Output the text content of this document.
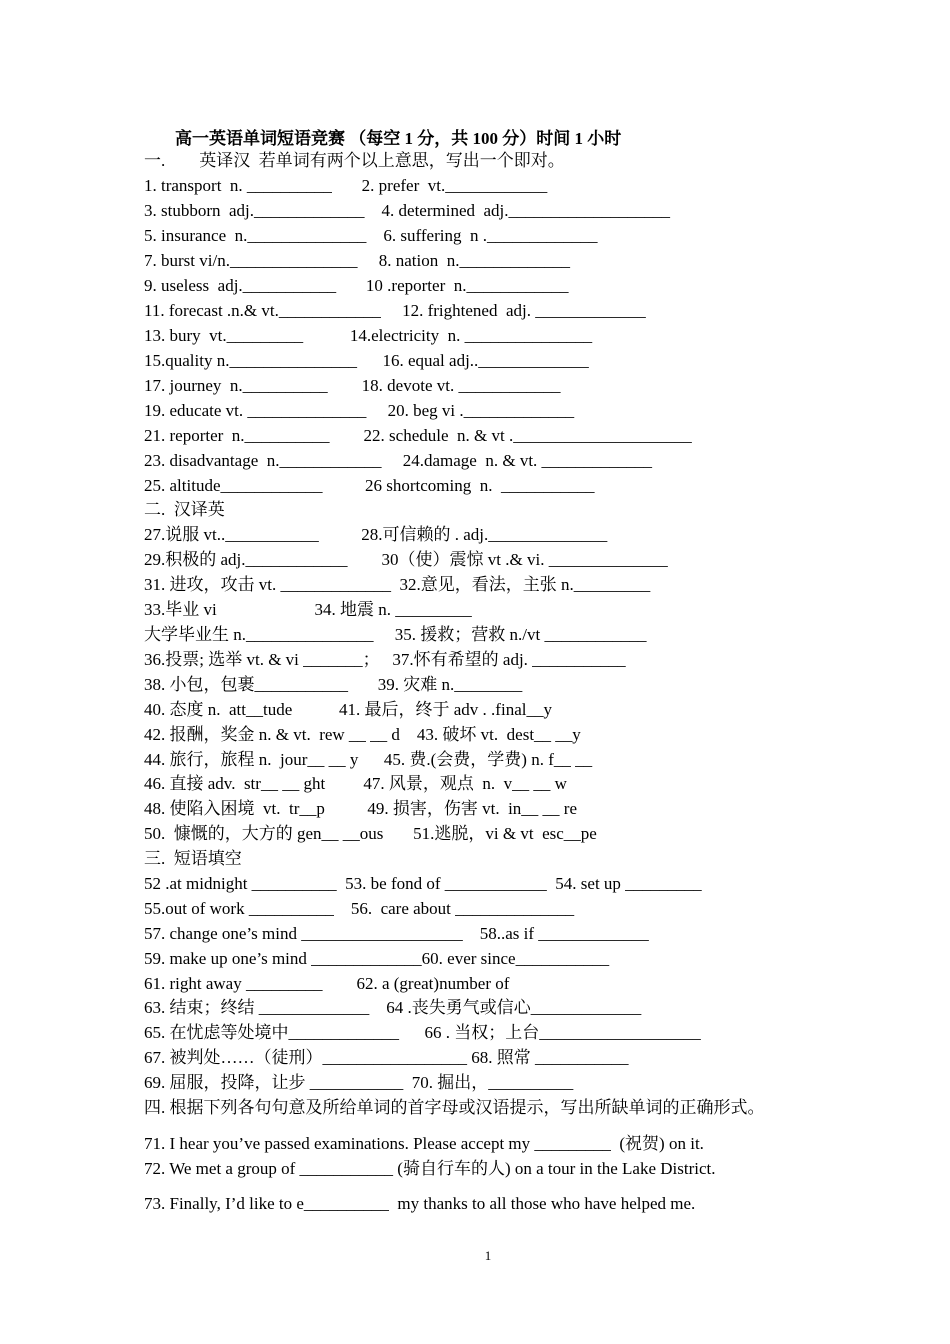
高一英语单词短语竞赛 （每空 1 分，共 100 分）时间 1 小时
一.        英译汉  若单词有两个以上意思，写出一个即对。
1. transport  n. __________       2. prefer  vt.____________
3. stubborn  adj._____________    4. determined  adj.___________________
5. insurance  n.______________    6. suffering  n ._____________
7. burst vi/n._______________     8. nation  n._____________
9. useless  adj.___________       10 .reporter  n.____________
11. forecast .n.& vt.____________     12. frightened  adj. _____________
13. bury  vt._________           14.electricity  n. _______________
15.quality n._______________      16. equal adj.._____________
17. journey  n.__________        18. devote vt. ____________
19. educate vt. ______________     20. beg vi ._____________
21. reporter  n.__________        22. schedule  n. & vt ._____________________
23. disadvantage  n.____________     24.damage  n. & vt. _____________
25. altitude____________          26 shortcoming  n.  ___________
二.  汉译英
27.说服 vt..___________          28.可信赖的 . adj.______________
29.积极的 adj.____________        30（使）震惊 vt .& vi. ______________
31. 进攻，攻击 vt. _____________  32.意见，看法，主张 n._________
33.毕业 vi                       34. 地震 n. _________
大学毕业生 n._______________     35. 援救；营救 n./vt ____________
36.投票; 选举 vt. & vi _______；   37.怀有希望的 adj. ___________
38. 小包，包裹___________       39. 灾难 n.________
40. 态度 n.  att__tude           41. 最后，终于 adv . .final__y
42. 报酬，奖金 n. & vt.  rew __ __ d    43. 破坏 vt.  dest__ __y
44. 旅行，旅程 n.  jour__ __ y      45. 费.(会费，学费) n. f__ __
46. 直接 adv.  str__ __ ght         47. 风景，观点  n.  v__ __ w
48. 使陷入困境  vt.  tr__p          49. 损害，伤害 vt.  in__ __ re
50.  慷慨的，大方的 gen__ __ous       51.逃脱，vi & vt  esc__pe
三.  短语填空
52 .at midnight __________  53. be fond of ____________  54. set up _________
55.out of work __________    56.  care about ______________
57. change one’s mind ___________________    58..as if _____________
59. make up one’s mind _____________60. ever since___________
61. right away _________        62. a (great)number of
63. 结束；终结 _____________    64 .丧失勇气或信心_____________
65. 在忧虑等处境中_____________      66 . 当权；上台___________________
67. 被判处……（徒刑）_________________ 68. 照常 ___________
69. 屈服，投降，让步 ___________  70. 掘出，__________
四. 根据下列各句句意及所给单词的首字母或汉语提示，写出所缺单词的正确形式。
71. I hear you’ve passed examinations. Please accept my _________  (祝贺) on it.
72. We met a group of ___________ (骑自行车的人) on a tour in the Lake District.
73. Finally, I’d like to e__________  my thanks to all those who have helped me.
1
